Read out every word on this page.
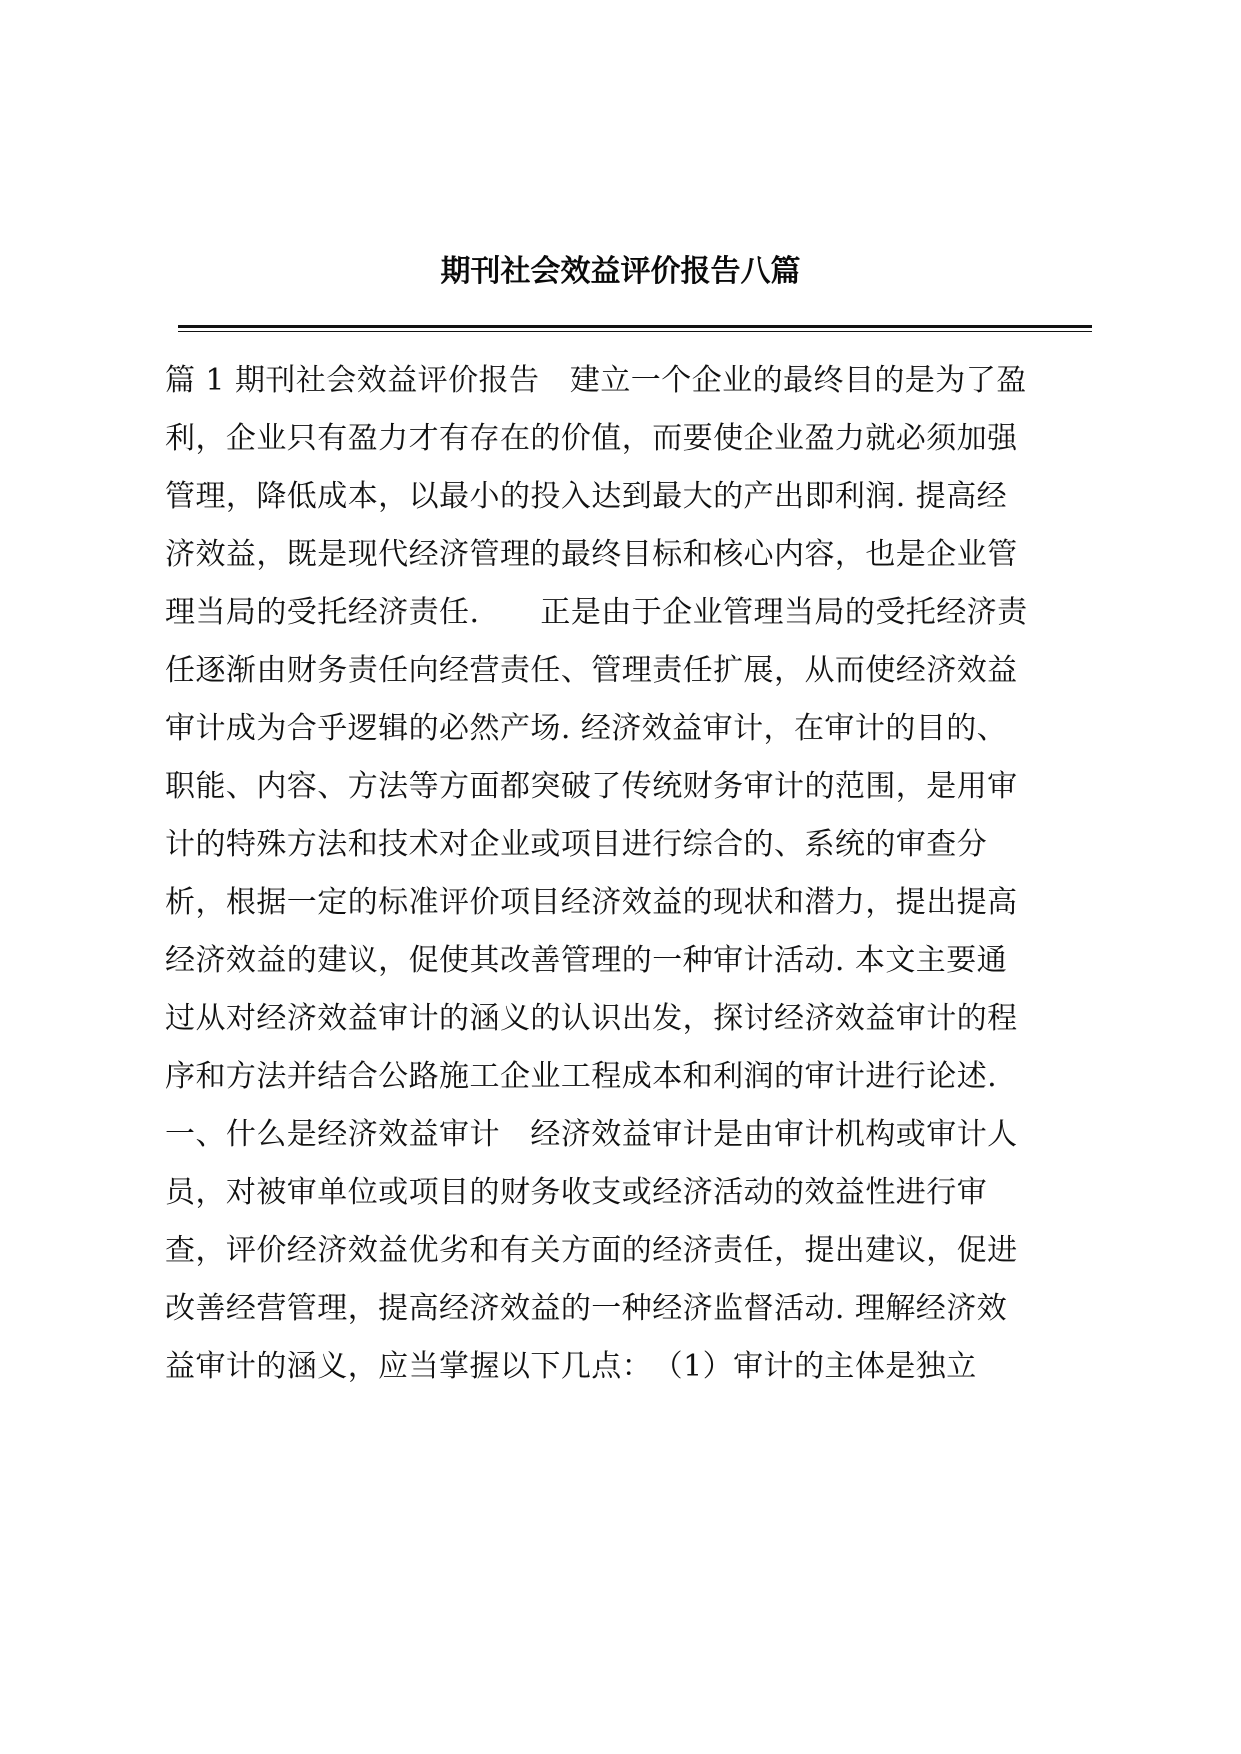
期刊社会效益评价报告八篇
篇 1 期刊社会效益评价报告　建立一个企业的最终目的是为了盈
利，企业只有盈力才有存在的价值，而要使企业盈力就必须加强
管理，降低成本，以最小的投入达到最大的产出即利润. 提高经
济效益，既是现代经济管理的最终目标和核心内容，也是企业管
理当局的受托经济责任.　　正是由于企业管理当局的受托经济责
任逐渐由财务责任向经营责任、管理责任扩展，从而使经济效益
审计成为合乎逻辑的必然产场. 经济效益审计，在审计的目的、
职能、内容、方法等方面都突破了传统财务审计的范围，是用审
计的特殊方法和技术对企业或项目进行综合的、系统的审查分
析，根据一定的标准评价项目经济效益的现状和潜力，提出提高
经济效益的建议，促使其改善管理的一种审计活动. 本文主要通
过从对经济效益审计的涵义的认识出发，探讨经济效益审计的程
序和方法并结合公路施工企业工程成本和利润的审计进行论述.
一、什么是经济效益审计　经济效益审计是由审计机构或审计人
员，对被审单位或项目的财务收支或经济活动的效益性进行审
查，评价经济效益优劣和有关方面的经济责任，提出建议，促进
改善经营管理，提高经济效益的一种经济监督活动. 理解经济效
益审计的涵义，应当掌握以下几点：　（1）审计的主体是独立
